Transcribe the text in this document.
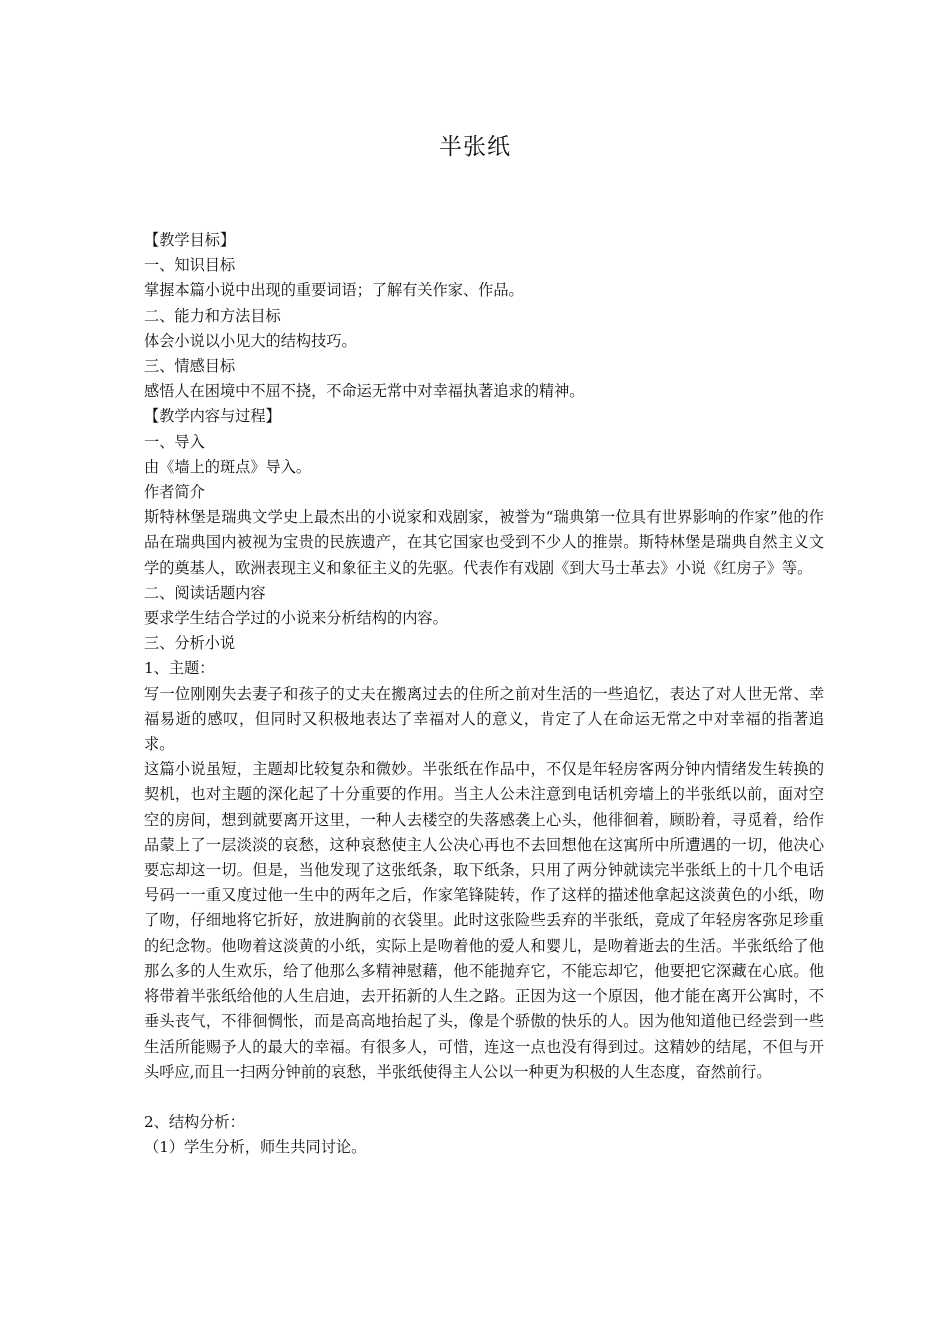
半张纸

【教学目标】

一、知识目标

掌握本篇小说中出现的重要词语；了解有关作家、作品。

二、能力和方法目标

体会小说以小见大的结构技巧。

三、情感目标

感悟人在困境中不屈不挠，不命运无常中对幸福执著追求的精神。

【教学内容与过程】

一、导入

由《墙上的斑点》导入。

作者简介

斯特林堡是瑞典文学史上最杰出的小说家和戏剧家，被誉为“瑞典第一位具有世界影响的作家”他的作品在瑞典国内被视为宝贵的民族遗产，在其它国家也受到不少人的推崇。斯特林堡是瑞典自然主义文学的奠基人，欧洲表现主义和象征主义的先驱。代表作有戏剧《到大马士革去》小说《红房子》等。

二、阅读话题内容

要求学生结合学过的小说来分析结构的内容。

三、分析小说

1、主题：

写一位刚刚失去妻子和孩子的丈夫在搬离过去的住所之前对生活的一些追忆，表达了对人世无常、幸福易逝的感叹，但同时又积极地表达了幸福对人的意义，肯定了人在命运无常之中对幸福的指著追求。

这篇小说虽短，主题却比较复杂和微妙。半张纸在作品中，不仅是年轻房客两分钟内情绪发生转换的契机，也对主题的深化起了十分重要的作用。当主人公未注意到电话机旁墙上的半张纸以前，面对空空的房间，想到就要离开这里，一种人去楼空的失落感袭上心头，他徘徊着，顾盼着，寻觅着，给作品蒙上了一层淡淡的哀愁，这种哀愁使主人公决心再也不去回想他在这寓所中所遭遇的一切，他决心要忘却这一切。但是，当他发现了这张纸条，取下纸条，只用了两分钟就读完半张纸上的十几个电话号码一一重又度过他一生中的两年之后，作家笔锋陡转，作了这样的描述他拿起这淡黄色的小纸，吻了吻，仔细地将它折好，放进胸前的衣袋里。此时这张险些丢弃的半张纸，竟成了年轻房客弥足珍重的纪念物。他吻着这淡黄的小纸，实际上是吻着他的爱人和婴儿，是吻着逝去的生活。半张纸给了他那么多的人生欢乐，给了他那么多精神慰藉，他不能抛弃它，不能忘却它，他要把它深藏在心底。他将带着半张纸给他的人生启迪，去开拓新的人生之路。正因为这一个原因，他才能在离开公寓时，不垂头丧气，不徘徊惆怅，而是高高地抬起了头，像是个骄傲的快乐的人。因为他知道他已经尝到一些生活所能赐予人的最大的幸福。有很多人，可惜，连这一点也没有得到过。这精妙的结尾，不但与开头呼应,而且一扫两分钟前的哀愁，半张纸使得主人公以一种更为积极的人生态度，奋然前行。

2、结构分析：

（1）学生分析，师生共同讨论。
